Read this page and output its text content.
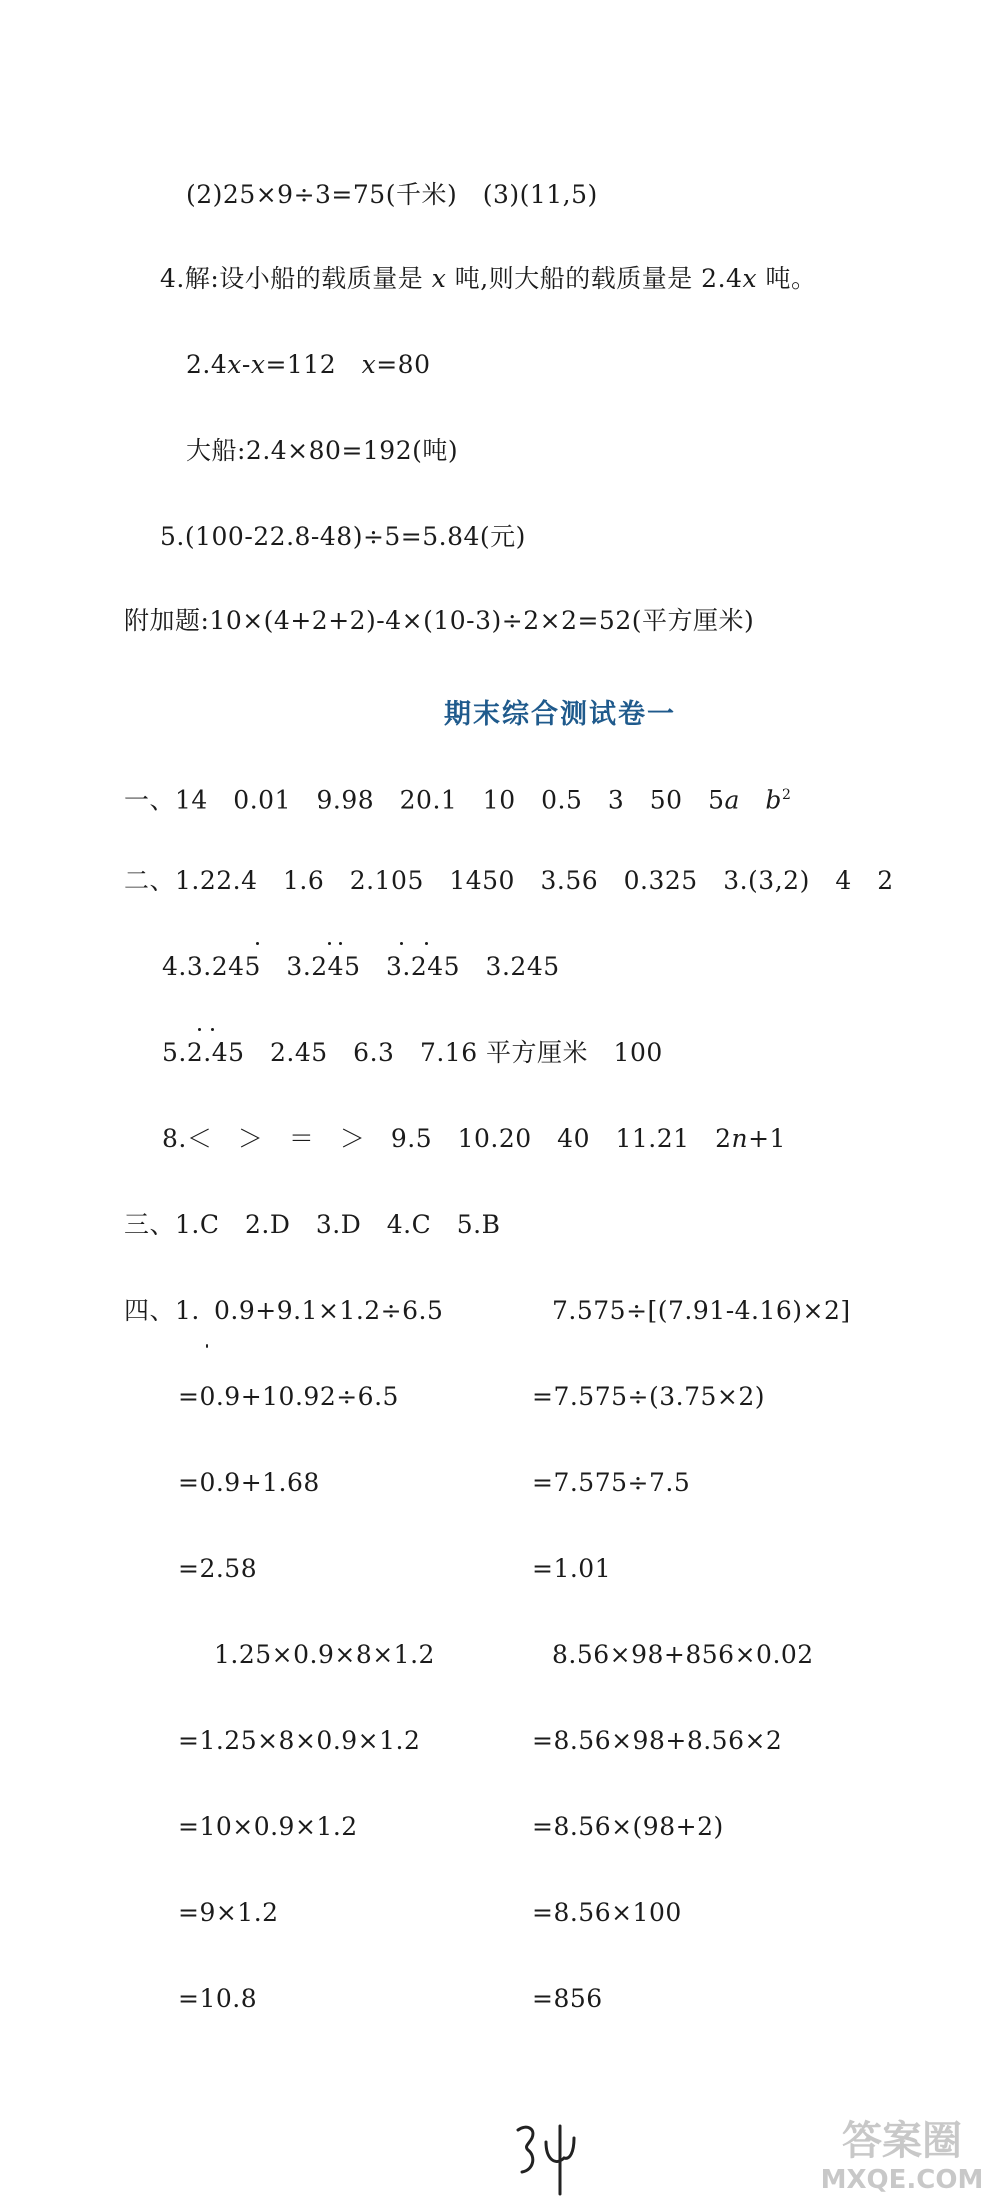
(2)25×9÷3=75(千米)　(3)(11,5)
4.解:设小船的载质量是 x 吨,则大船的载质量是 2.4x 吨。
2.4x-x=112　x=80
大船:2.4×80=192(吨)
5.(100-22.8-48)÷5=5.84(元)
附加题:10×(4+2+2)-4×(10-3)÷2×2=52(平方厘米)
期末综合测试卷一
一、14　0.01　9.98　20.1　10　0.5　3　50　5a　 $b^2$
二、1.22.4　1.6　2.105　1450　3.56　0.325　3.(3,2)　4　2
4.3.245　3.245　3.245　3.245
5.2.45　2.45　6.3　7.16 平方厘米　100
8.＜　＞　＝　＞　9.5　10.20　40　11.21　2n+1
三、1.C　2.D　3.D　4.C　5.B
四、1. 0.9+9.1×1.2÷6.5
=0.9+10.92÷6.5
=0.9+1.68
=2.58
1.25×0.9×8×1.2
=1.25×8×0.9×1.2
=10×0.9×1.2
=9×1.2
=10.8
7.575÷[(7.91-4.16)×2]
=7.575÷(3.75×2)
=7.575÷7.5
=1.01
8.56×98+856×0.02
=8.56×98+8.56×2
=8.56×(98+2)
=8.56×100
=856
答案圈
MXQE.COM
